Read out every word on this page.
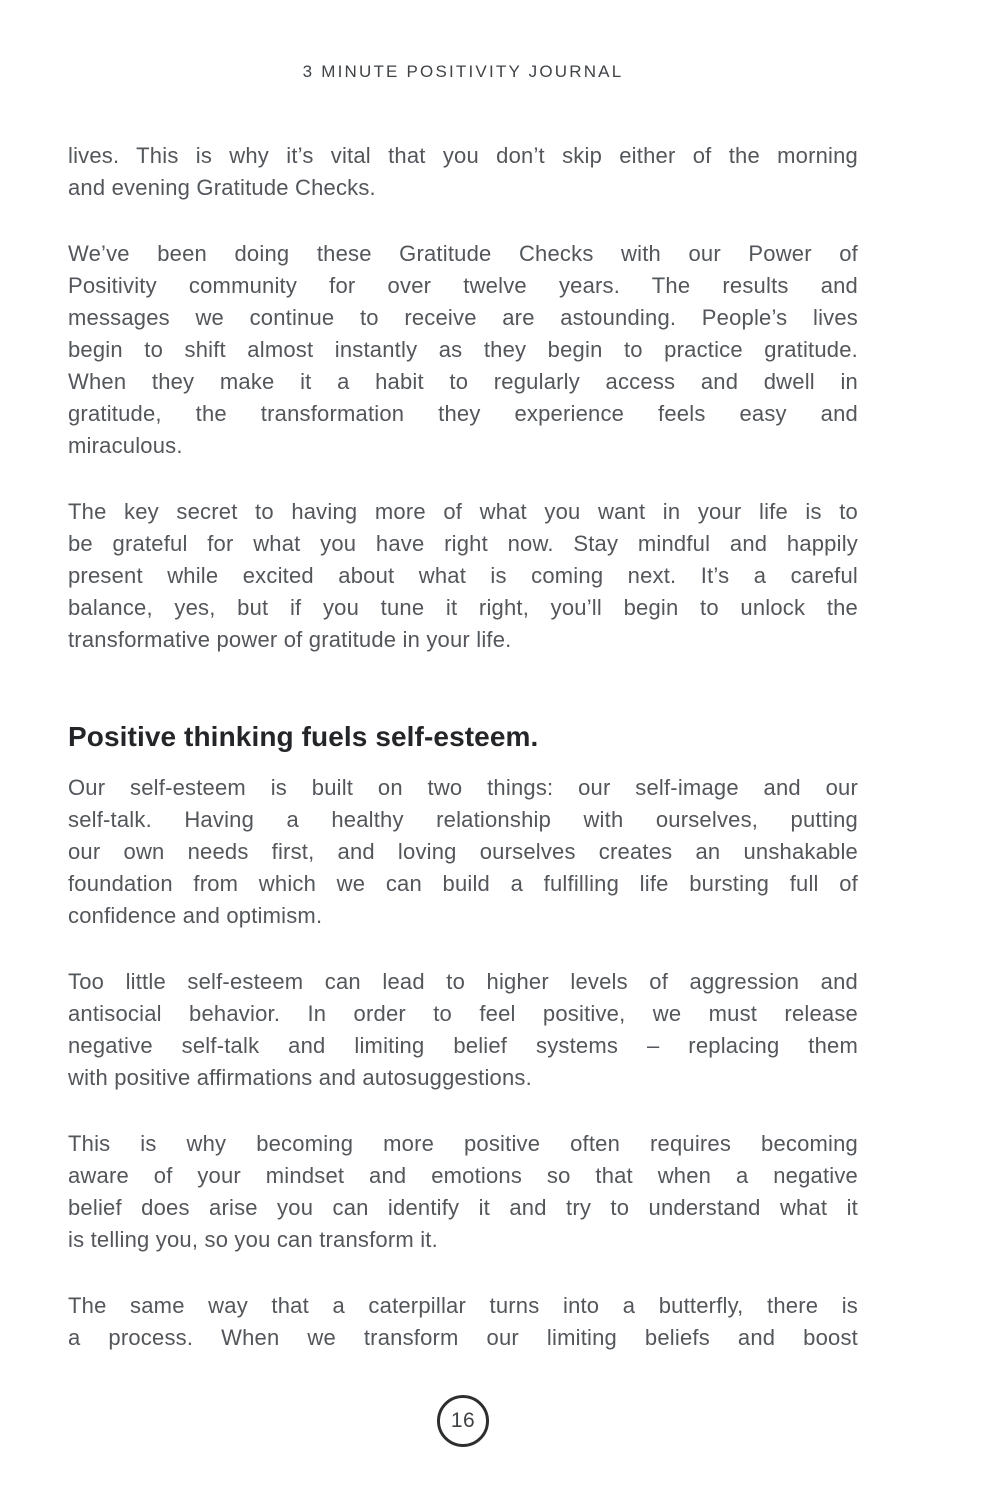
3 MINUTE POSITIVITY JOURNAL

lives. This is why it’s vital that you don’t skip either of the morning
and evening Gratitude Checks.

We’ve been doing these Gratitude Checks with our Power of
Positivity community for over twelve years. The results and
messages we continue to receive are astounding. People’s lives
begin to shift almost instantly as they begin to practice gratitude.
When they make it a habit to regularly access and dwell in
gratitude, the transformation they experience feels easy and
miraculous.

The key secret to having more of what you want in your life is to
be grateful for what you have right now. Stay mindful and happily
present while excited about what is coming next. It’s a careful
balance, yes, but if you tune it right, you’ll begin to unlock the
transformative power of gratitude in your life.

Positive thinking fuels self-esteem.

Our self-esteem is built on two things: our self-image and our
self-talk. Having a healthy relationship with ourselves, putting
our own needs first, and loving ourselves creates an unshakable
foundation from which we can build a fulfilling life bursting full of
confidence and optimism.

Too little self-esteem can lead to higher levels of aggression and
antisocial behavior. In order to feel positive, we must release
negative self-talk and limiting belief systems – replacing them
with positive affirmations and autosuggestions.

This is why becoming more positive often requires becoming
aware of your mindset and emotions so that when a negative
belief does arise you can identify it and try to understand what it
is telling you, so you can transform it.

The same way that a caterpillar turns into a butterfly, there is
a process. When we transform our limiting beliefs and boost

16
